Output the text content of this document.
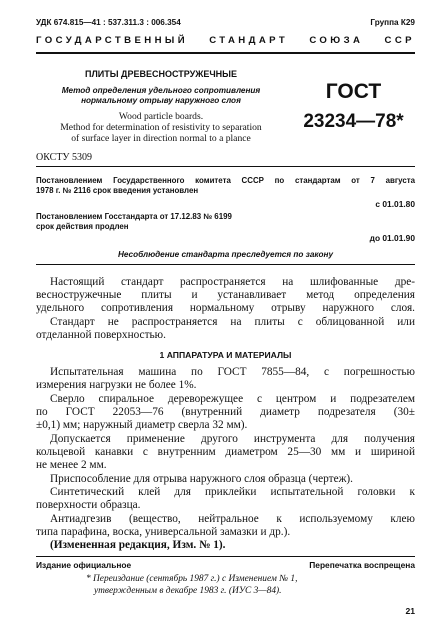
УДК 674.815—41 : 537.311.3 : 006.354	Группа К29
ГОСУДАРСТВЕННЫЙ СТАНДАРТ СОЮЗА ССР
ПЛИТЫ ДРЕВЕСНОСТРУЖЕЧНЫЕ
Метод определения удельного сопротивления
нормальному отрыву наружного слоя
Wood particle boards.
Method for determination of resistivity to separation
of surface layer in direction normal to a plance
ГОСТ
23234—78*
ОКСТУ 5309
Постановлением Государственного комитета СССР по стандартам от 7 августа
1978 г. № 2116 срок введения установлен
с 01.01.80
Постановлением Госстандарта от 17.12.83 № 6199
срок действия продлен
до 01.01.90
Несоблюдение стандарта преследуется по закону
Настоящий стандарт распространяется на шлифованные дре-
весностружечные плиты и устанавливает метод определения
удельного сопротивления нормальному отрыву наружного слоя.
Стандарт не распространяется на плиты с облицованной или
отделанной поверхностью.
1 АППАРАТУРА И МАТЕРИАЛЫ
Испытательная машина по ГОСТ 7855—84, с погрешностью
измерения нагрузки не более 1%.
Сверло спиральное дереворежущее с центром и подрезателем
по ГОСТ 22053—76 (внутренний диаметр подрезателя (30±
±0,1) мм; наружный диаметр сверла 32 мм).
Допускается применение другого инструмента для получения
кольцевой канавки с внутренним диаметром 25—30 мм и шириной
не менее 2 мм.
Приспособление для отрыва наружного слоя образца (чертеж).
Синтетический клей для приклейки испытательной головки к
поверхности образца.
Антиадгезив (вещество, нейтральное к используемому клею
типа парафина, воска, универсальной замазки и др.).
(Измененная редакция, Изм. № 1).
Издание официальное	Перепечатка воспрещена
* Переиздание (сентябрь 1987 г.) с Изменением № 1,
утвержденным в декабре 1983 г. (ИУС 3—84).
21
